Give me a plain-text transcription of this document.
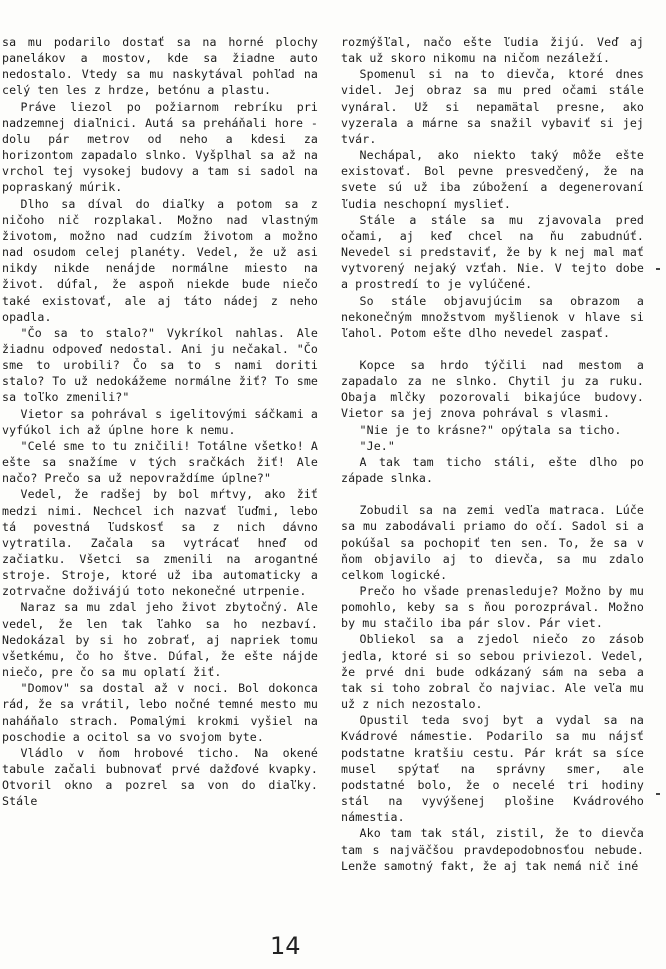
sa mu podarilo dostať sa na horné plochy panelákov a mostov, kde sa žiadne auto nedostalo. Vtedy sa mu naskytával pohľad na celý ten les z hrdze, betónu a plastu.

Práve liezol po požiarnom rebríku pri nadzemnej diaľnici. Autá sa preháňali hore - dolu pár metrov od neho a kdesi za horizontom zapadalo slnko. Vyšplhal sa až na vrchol tej vysokej budovy a tam si sadol na popraskaný múrik.

Dlho sa díval do diaľky a potom sa z ničoho nič rozplakal. Možno nad vlastným životom, možno nad cudzím životom a možno nad osudom celej planéty. Vedel, že už asi nikdy nikde nenájde normálne miesto na život. dúfal, že aspoň niekde bude niečo také existovať, ale aj táto nádej z neho opadla.

"Čo sa to stalo?" Vykríkol nahlas. Ale žiadnu odpoveď nedostal. Ani ju nečakal. "Čo sme to urobili? Čo sa to s nami doriti stalo? To už nedokážeme normálne žiť? To sme sa toľko zmenili?"

Vietor sa pohrával s igelitovými sáčkami a vyfúkol ich až úplne hore k nemu.

"Celé sme to tu zničili! Totálne všetko! A ešte sa snažíme v tých sračkách žiť! Ale načo? Prečo sa už nepovraždíme úplne?"

Vedel, že radšej by bol mŕtvy, ako žiť medzi nimi. Nechcel ich nazvať ľuďmi, lebo tá povestná ľudskosť sa z nich dávno vytratila. Začala sa vytrácať hneď od začiatku. Všetci sa zmenili na arogantné stroje. Stroje, ktoré už iba automaticky a zotrvačne doživájú toto nekonečné utrpenie.

Naraz sa mu zdal jeho život zbytočný. Ale vedel, že len tak ľahko sa ho nezbaví. Nedokázal by si ho zobrať, aj napriek tomu všetkému, čo ho štve. Dúfal, že ešte nájde niečo, pre čo sa mu oplatí žiť.

"Domov" sa dostal až v noci. Bol dokonca rád, že sa vrátil, lebo nočné temné mesto mu naháňalo strach. Pomalými krokmi vyšiel na poschodie a ocitol sa vo svojom byte.

Vládlo v ňom hrobové ticho. Na okené tabule začali bubnovať prvé dažďové kvapky. Otvoril okno a pozrel sa von do diaľky. Stále

rozmýšľal, načo ešte ľudia žijú. Veď aj tak už skoro nikomu na ničom nezáleží.

Spomenul si na to dievča, ktoré dnes videl. Jej obraz sa mu pred očami stále vynáral. Už si nepamätal presne, ako vyzerala a márne sa snažil vybaviť si jej tvár.

Nechápal, ako niekto taký môže ešte existovať. Bol pevne presvedčený, že na svete sú už iba zúbožení a degenerovaní ľudia neschopní myslieť.

Stále a stále sa mu zjavovala pred očami, aj keď chcel na ňu zabudnúť. Nevedel si predstaviť, že by k nej mal mať vytvorený nejaký vzťah. Nie. V tejto dobe a prostredí to je vylúčené.

So stále objavujúcim sa obrazom a nekonečným množstvom myšlienok v hlave si ľahol. Potom ešte dlho nevedel zaspať.

Kopce sa hrdo týčili nad mestom a zapadalo za ne slnko. Chytil ju za ruku. Obaja mlčky pozorovali bikajúce budovy. Vietor sa jej znova pohrával s vlasmi.

"Nie je to krásne?" opýtala sa ticho.

"Je."

A tak tam ticho stáli, ešte dlho po západe slnka.

Zobudil sa na zemi vedľa matraca. Lúče sa mu zabodávali priamo do očí. Sadol si a pokúšal sa pochopiť ten sen. To, že sa v ňom objavilo aj to dievča, sa mu zdalo celkom logické.

Prečo ho všade prenasleduje? Možno by mu pomohlo, keby sa s ňou porozprával. Možno by mu stačilo iba pár slov. Pár viet.

Obliekol sa a zjedol niečo zo zásob jedla, ktoré si so sebou priviezol. Vedel, že prvé dni bude odkázaný sám na seba a tak si toho zobral čo najviac. Ale veľa mu už z nich nezostalo.

Opustil teda svoj byt a vydal sa na Kvádrové námestie. Podarilo sa mu nájsť podstatne kratšiu cestu. Pár krát sa síce musel spýtať na správny smer, ale podstatné bolo, že o necelé tri hodiny stál na vyvýšenej plošine Kvádrového námestia.

Ako tam tak stál, zistil, že to dievča tam s najväčšou pravdepodobnosťou nebude. Lenže samotný fakt, že aj tak nemá nič iné

14
